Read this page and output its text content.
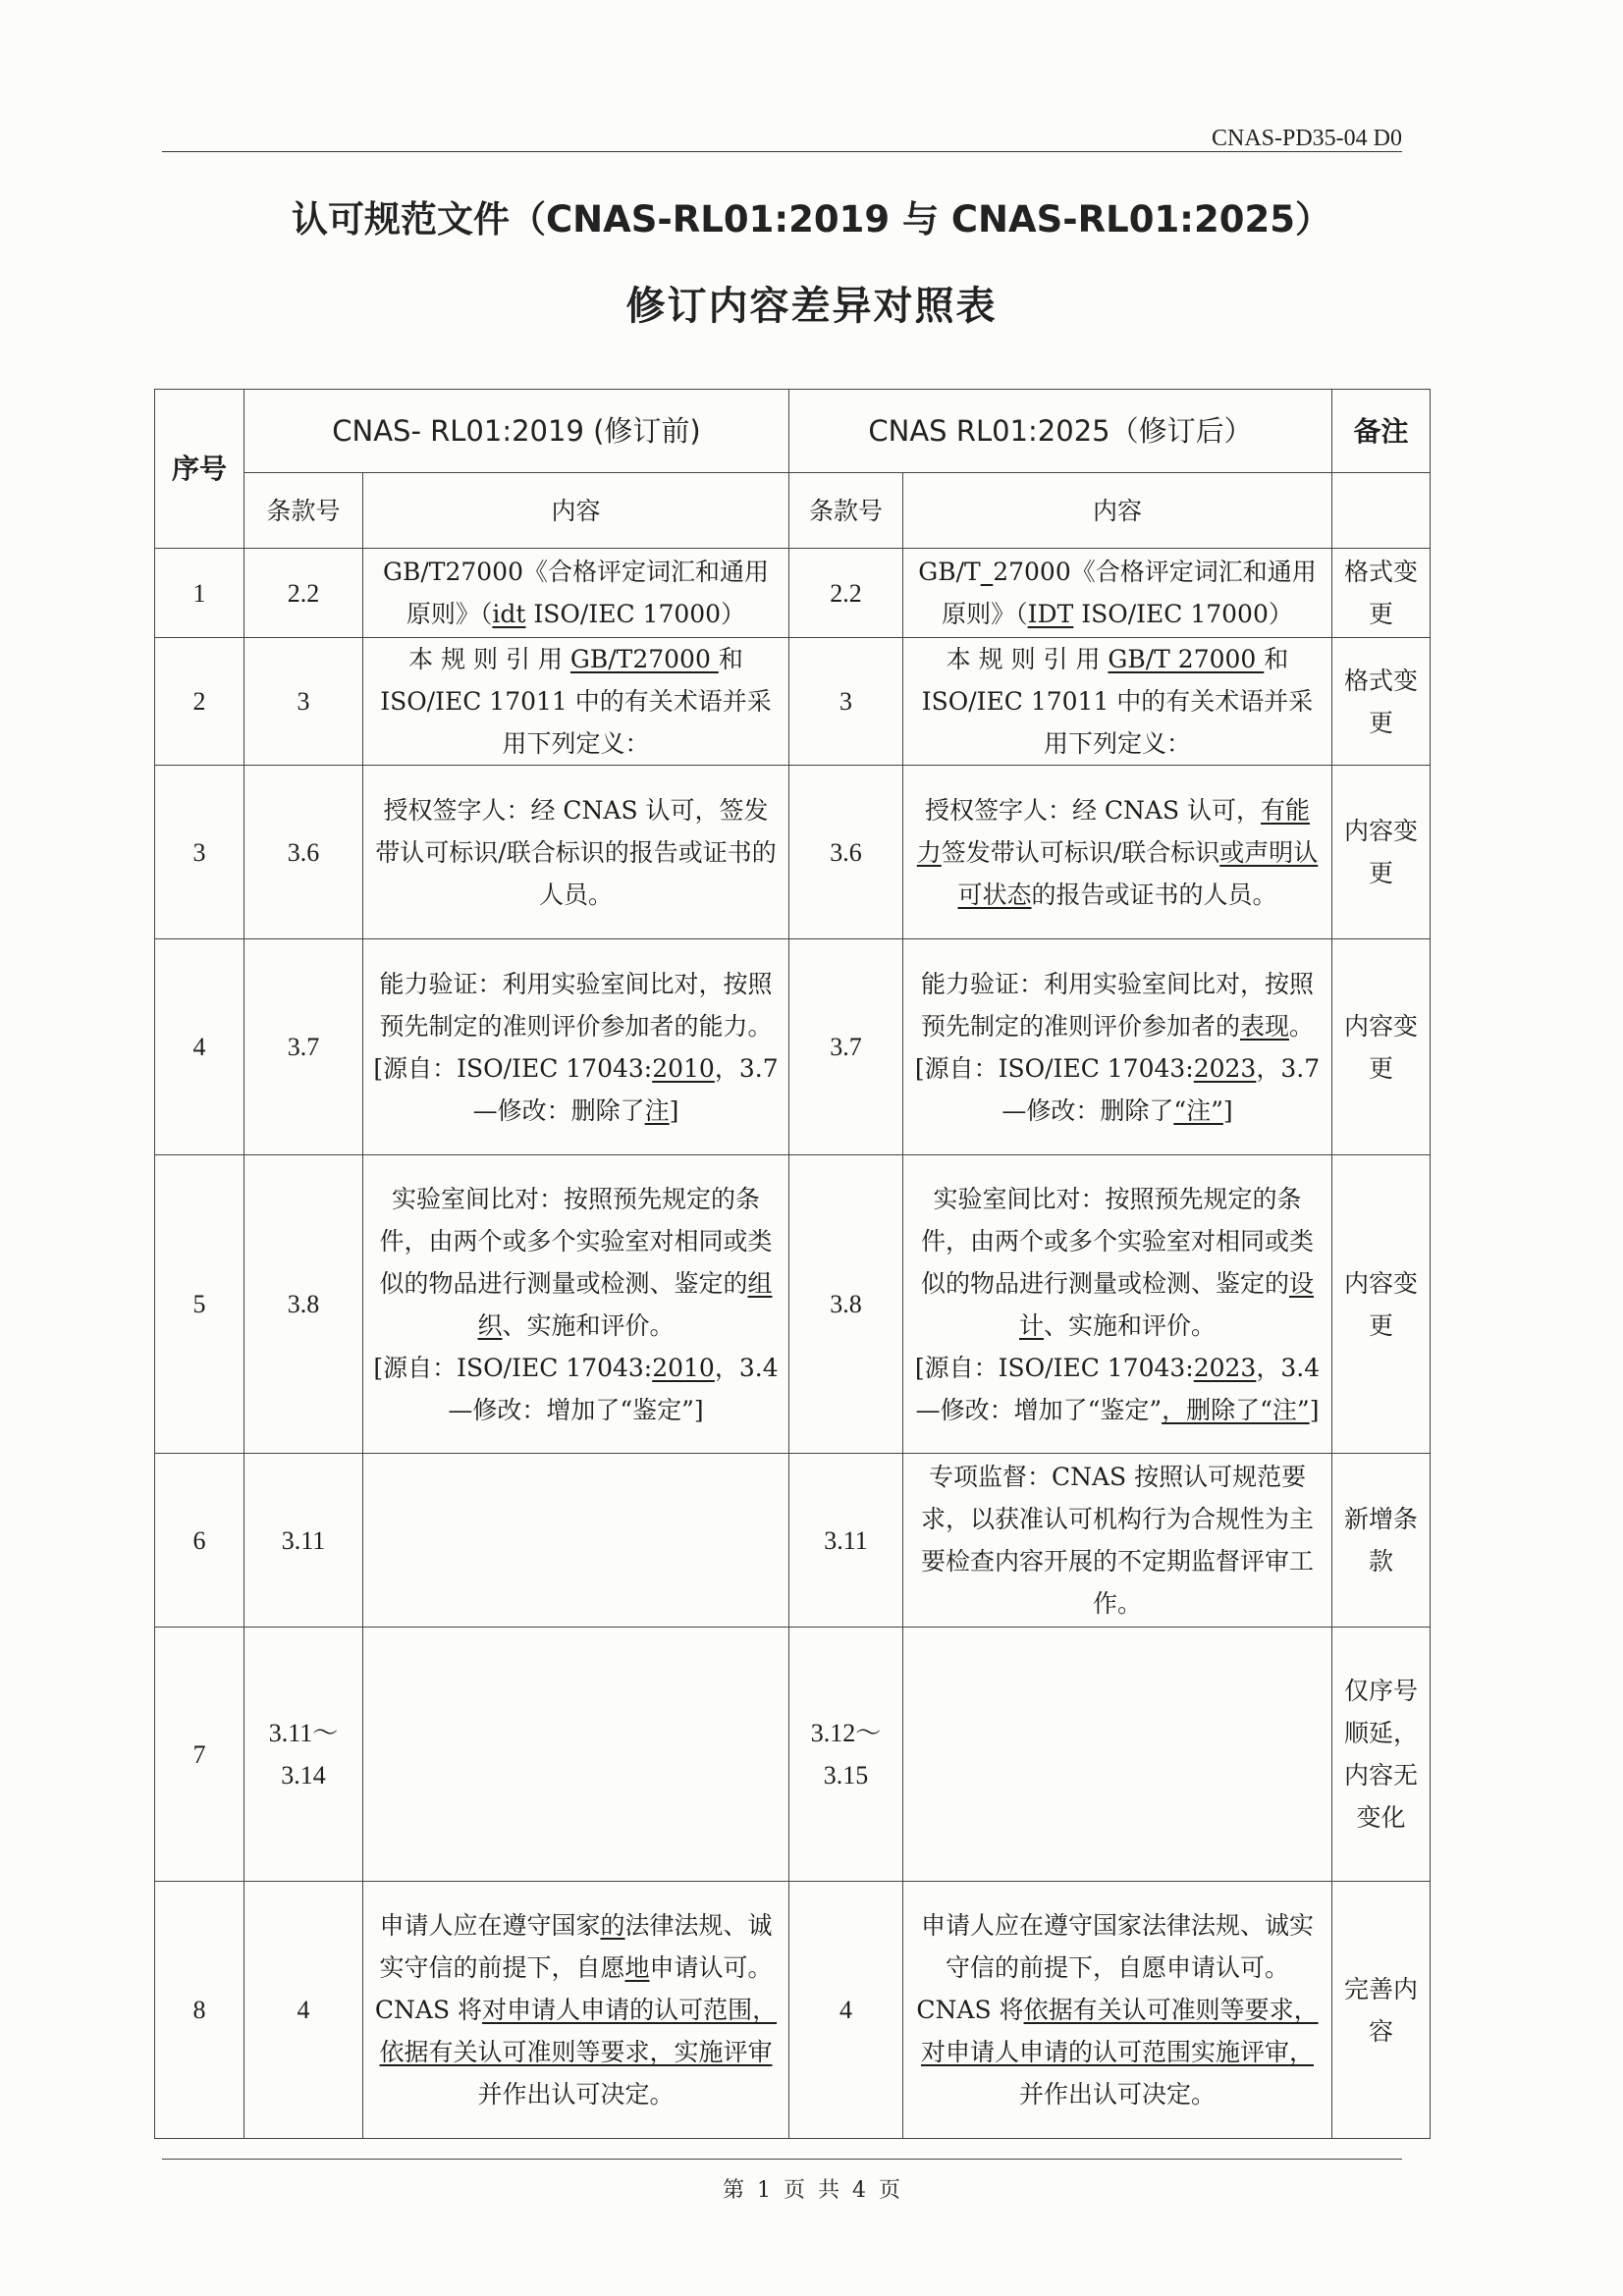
CNAS-PD35-04 D0
认可规范文件（CNAS-RL01:2019 与 CNAS-RL01:2025）
修订内容差异对照表
序号	CNAS- RL01:2019 (修订前)		CNAS RL01:2025（修订后）		备注
	条款号	内容	条款号	内容	
1	2.2	GB/T27000《合格评定词汇和通用原则》（idt ISO/IEC 17000）	2.2	GB/T_27000《合格评定词汇和通用原则》（IDT ISO/IEC 17000）	格式变更
2	3	本 规 则 引 用 GB/T27000 和 ISO/IEC 17011 中的有关术语并采用下列定义：	3	本 规 则 引 用 GB/T 27000 和 ISO/IEC 17011 中的有关术语并采用下列定义：	格式变更
3	3.6	授权签字人：经 CNAS 认可，签发带认可标识/联合标识的报告或证书的人员。	3.6	授权签字人：经 CNAS 认可，有能力签发带认可标识/联合标识或声明认可状态的报告或证书的人员。	内容变更
4	3.7	能力验证：利用实验室间比对，按照预先制定的准则评价参加者的能力。
[源自：ISO/IEC 17043:2010，3.7—修改：删除了注]	3.7	能力验证：利用实验室间比对，按照预先制定的准则评价参加者的表现。
[源自：ISO/IEC 17043:2023，3.7—修改：删除了“注”]	内容变更
5	3.8	实验室间比对：按照预先规定的条件，由两个或多个实验室对相同或类似的物品进行测量或检测、鉴定的组织、实施和评价。
[源自：ISO/IEC 17043:2010，3.4—修改：增加了“鉴定”]	3.8	实验室间比对：按照预先规定的条件，由两个或多个实验室对相同或类似的物品进行测量或检测、鉴定的设计、实施和评价。
[源自：ISO/IEC 17043:2023，3.4—修改：增加了“鉴定”，删除了“注”]	内容变更
6	3.11		3.11	专项监督：CNAS 按照认可规范要求，以获准认可机构行为合规性为主要检查内容开展的不定期监督评审工作。	新增条款
7	3.11～3.14		3.12～3.15		仅序号顺延，内容无变化
8	4	申请人应在遵守国家的法律法规、诚实守信的前提下，自愿地申请认可。CNAS 将对申请人申请的认可范围，依据有关认可准则等要求，实施评审并作出认可决定。	4	申请人应在遵守国家法律法规、诚实守信的前提下，自愿申请认可。CNAS 将依据有关认可准则等要求，对申请人申请的认可范围实施评审，并作出认可决定。	完善内容
第 1 页 共 4 页
